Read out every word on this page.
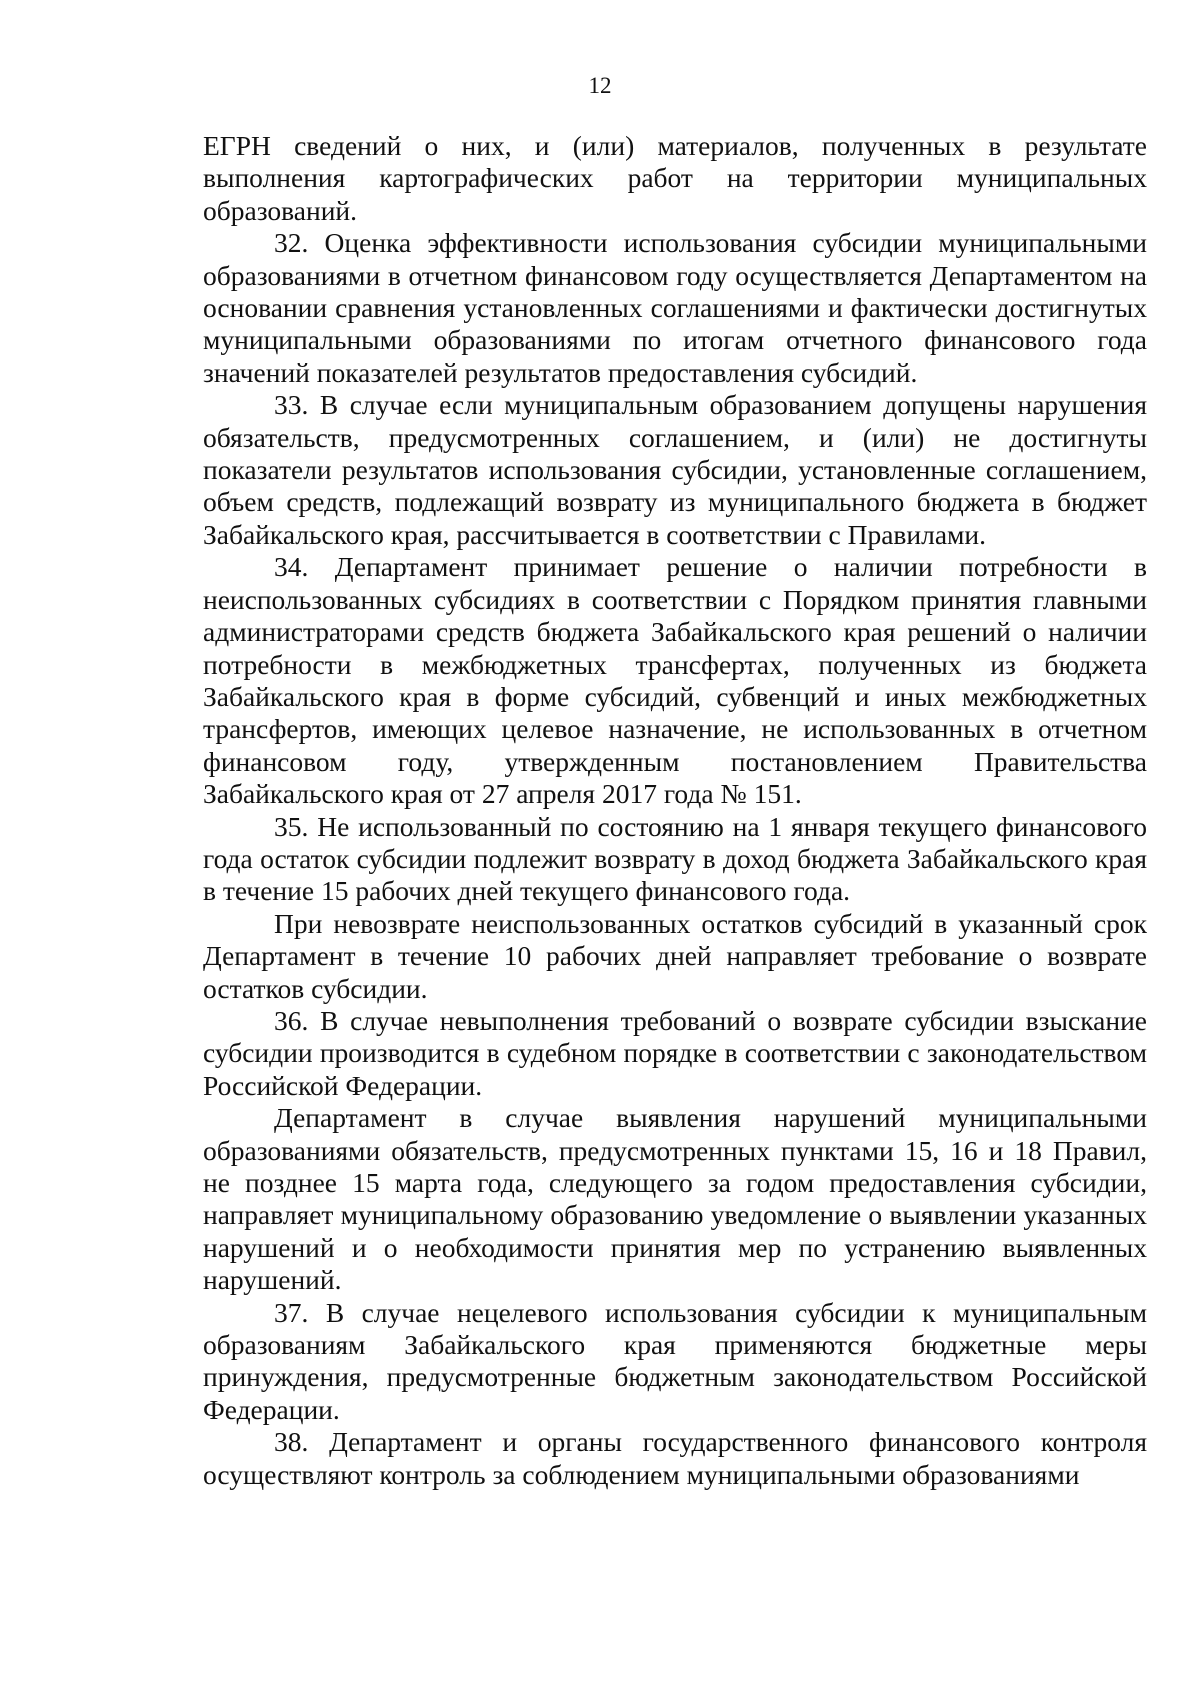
12

ЕГРН сведений о них, и (или) материалов, полученных в результате выполнения картографических работ на территории муниципальных образований.

32. Оценка эффективности использования субсидии муниципальными образованиями в отчетном финансовом году осуществляется Департаментом на основании сравнения установленных соглашениями и фактически достигнутых муниципальными образованиями по итогам отчетного финансового года значений показателей результатов предоставления субсидий.

33. В случае если муниципальным образованием допущены нарушения обязательств, предусмотренных соглашением, и (или) не достигнуты показатели результатов использования субсидии, установленные соглашением, объем средств, подлежащий возврату из муниципального бюджета в бюджет Забайкальского края, рассчитывается в соответствии с Правилами.

34. Департамент принимает решение о наличии потребности в неиспользованных субсидиях в соответствии с Порядком принятия главными администраторами средств бюджета Забайкальского края решений о наличии потребности в межбюджетных трансфертах, полученных из бюджета Забайкальского края в форме субсидий, субвенций и иных межбюджетных трансфертов, имеющих целевое назначение, не использованных в отчетном финансовом году, утвержденным постановлением Правительства Забайкальского края от 27 апреля 2017 года № 151.

35. Не использованный по состоянию на 1 января текущего финансового года остаток субсидии подлежит возврату в доход бюджета Забайкальского края в течение 15 рабочих дней текущего финансового года.

При невозврате неиспользованных остатков субсидий в указанный срок Департамент в течение 10 рабочих дней направляет требование о возврате остатков субсидии.

36. В случае невыполнения требований о возврате субсидии взыскание субсидии производится в судебном порядке в соответствии с законодательством Российской Федерации.

Департамент в случае выявления нарушений муниципальными образованиями обязательств, предусмотренных пунктами 15, 16 и 18 Правил, не позднее 15 марта года, следующего за годом предоставления субсидии, направляет муниципальному образованию уведомление о выявлении указанных нарушений и о необходимости принятия мер по устранению выявленных нарушений.

37. В случае нецелевого использования субсидии к муниципальным образованиям Забайкальского края применяются бюджетные меры принуждения, предусмотренные бюджетным законодательством Российской Федерации.

38. Департамент и органы государственного финансового контроля осуществляют контроль за соблюдением муниципальными образованиями
